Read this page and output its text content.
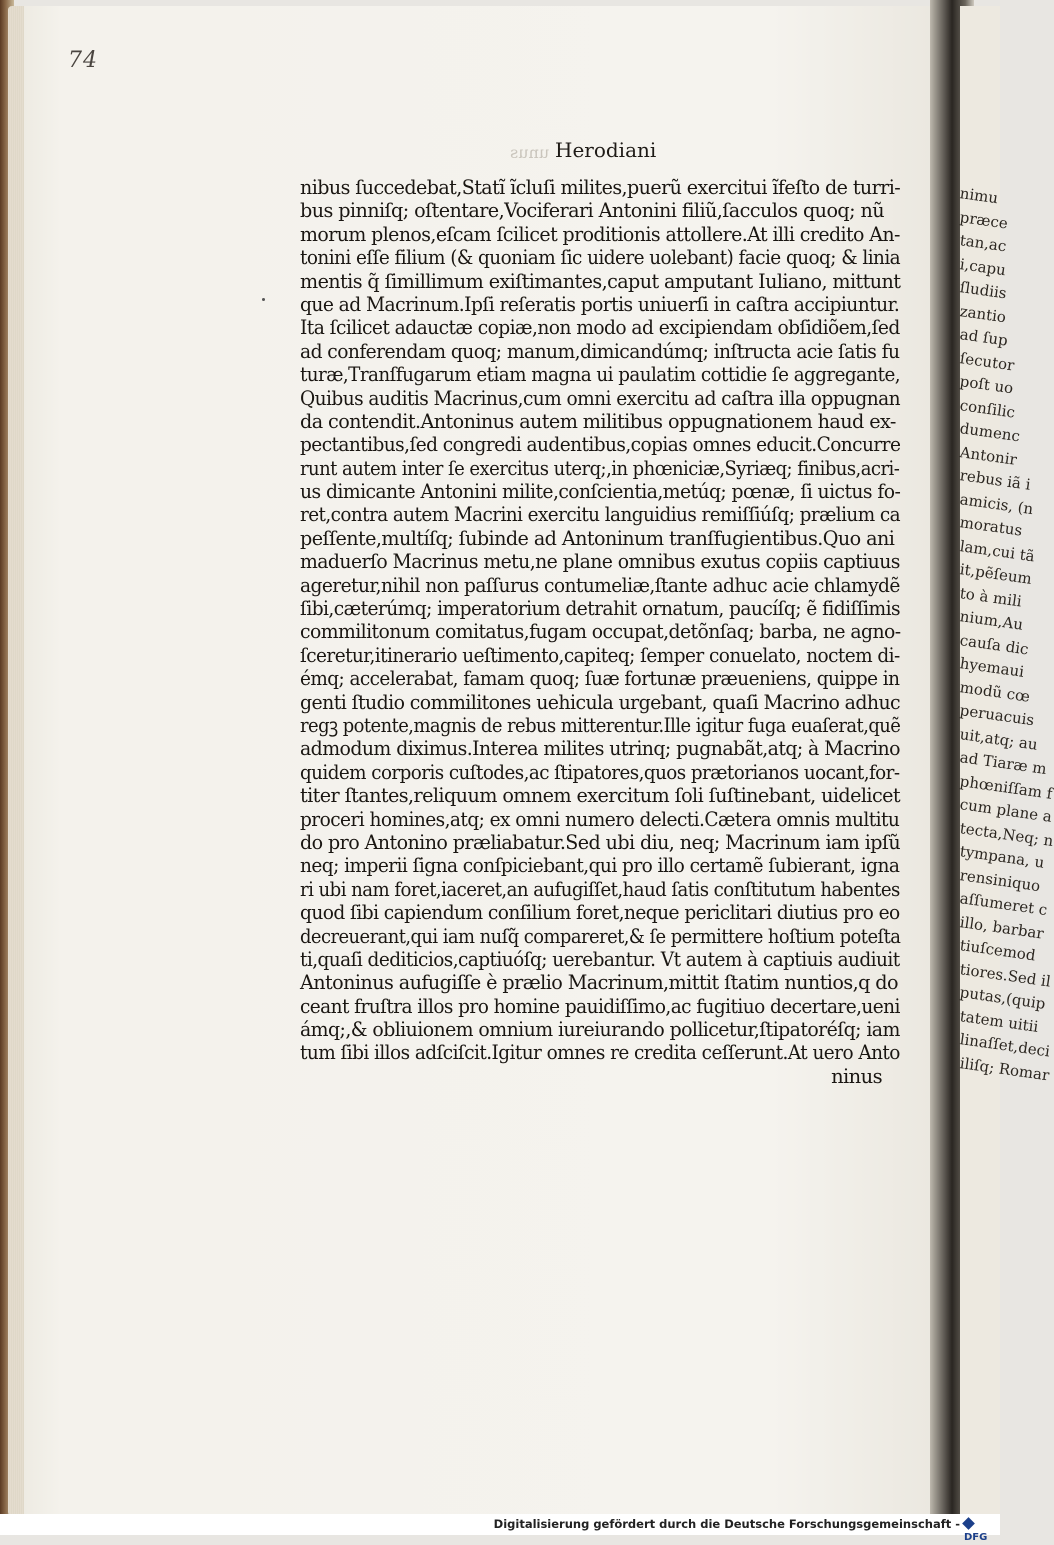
74
unus Herodiani
nibus ſuccedebat,Statĩ ĩcluſi milites,puerũ exercitui ĩfeſto de turri-
bus pinniſq; oſtentare,Vociferari Antonini filiũ,ſacculos quoq; nũ
morum plenos,eſcam ſcilicet proditionis attollere.At illi credito An-
tonini eſſe filium (& quoniam ſic uidere uolebant) facie quoq; & linia
mentis q̃ ſimillimum exiſtimantes,caput amputant Iuliano, mittunt
que ad Macrinum.Ipſi reſeratis portis uniuerſi in caſtra accipiuntur.
Ita ſcilicet adauctæ copiæ,non modo ad excipiendam obſidiõem,ſed
ad conferendam quoq; manum,dimicandúmq; inſtructa acie ſatis fu
turæ,Tranſfugarum etiam magna ui paulatim cottidie ſe aggregante,
Quibus auditis Macrinus,cum omni exercitu ad caſtra illa oppugnan
da contendit.Antoninus autem militibus oppugnationem haud ex-
pectantibus,ſed congredi audentibus,copias omnes educit.Concurre
runt autem inter ſe exercitus uterq;,in phœniciæ,Syriæq; finibus,acri-
us dimicante Antonini milite,conſcientia,metúq; pœnæ, ſi uictus fo-
ret,contra autem Macrini exercitu languidius remiſſiúſq; prælium ca
peſſente,multíſq; ſubinde ad Antoninum tranſfugientibus.Quo ani
maduerſo Macrinus metu,ne plane omnibus exutus copiis captiuus
ageretur,nihil non paſſurus contumeliæ,ſtante adhuc acie chlamydẽ
ſibi,cæterúmq; imperatorium detrahit ornatum, paucíſq; ẽ fidiſſimis
commilitonum comitatus,fugam occupat,detõnſaq; barba, ne agno-
ſceretur,itinerario ueſtimento,capiteq; ſemper conuelato, noctem di-
émq; accelerabat, famam quoq; ſuæ fortunæ præueniens, quippe in
genti ſtudio commilitones uehicula urgebant, quaſi Macrino adhuc
regꝫ potente,magnis de rebus mitterentur.Ille igitur fuga euaſerat,quẽ
admodum diximus.Interea milites utrinq; pugnabãt,atq; à Macrino
quidem corporis cuſtodes,ac ſtipatores,quos prætorianos uocant,for-
titer ſtantes,reliquum omnem exercitum ſoli ſuſtinebant, uidelicet
proceri homines,atq; ex omni numero delecti.Cætera omnis multitu
do pro Antonino præliabatur.Sed ubi diu, neq; Macrinum iam ipſũ
neq; imperii ſigna conſpiciebant,qui pro illo certamẽ ſubierant, igna
ri ubi nam foret,iaceret,an aufugiſſet,haud ſatis conſtitutum habentes
quod ſibi capiendum conſilium foret,neque periclitari diutius pro eo
decreuerant,qui iam nuſq̃ compareret,& ſe permittere hoſtium poteſta
ti,quaſi dediticios,captiuóſq; uerebantur. Vt autem à captiuis audiuit
Antoninus aufugiſſe è prælio Macrinum,mittit ſtatim nuntios,q do
ceant fruſtra illos pro homine pauidiſſimo,ac fugitiuo decertare,ueni
ámq;,& obliuionem omnium iureiurando pollicetur,ſtipatoréſq; iam
tum ſibi illos adſciſcit.Igitur omnes re credita ceſſerunt.At uero Anto
ninus
nimu
præce
tan,ac
i,capu
ſludiis
zantio
ad ſup
ſecutor
poſt uo
conſilic
dumenc
Antonir
rebus iã i
amicis, (n
moratus
lam,cui tã
it,pẽſeum
to à mili
nium,Au
cauſa dic
hyemaui
modũ cœ
peruacuis
uit,atq; au
ad Tiaræ m
phœniſſam f
cum plane a
tecta,Neq; n
tympana, u
rensiniquo
aſſumeret c
illo, barbar
tiuſcemod
tiores.Sed il
putas,(quip
tatem uitii
linaſſet,deci
iliſq; Romar
Digitalisierung gefördert durch die Deutsche Forschungsgemeinschaft -
DFG
